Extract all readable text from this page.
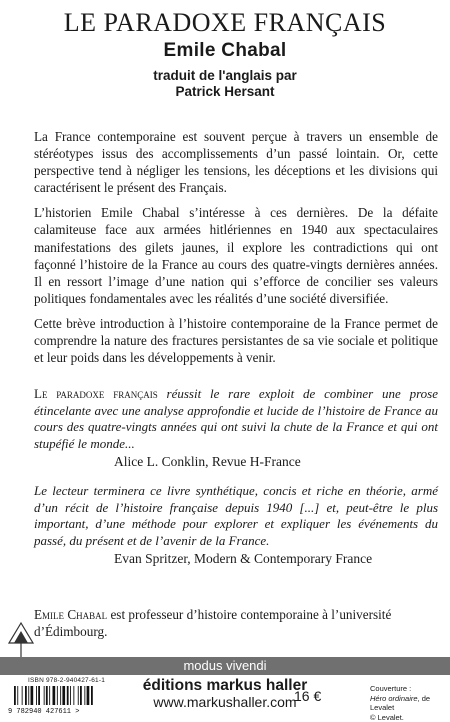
LE PARADOXE FRANÇAIS
Emile Chabal
traduit de l'anglais par
Patrick Hersant

La France contemporaine est souvent perçue à travers un ensemble de stéréotypes issus des accomplissements d’un passé lointain. Or, cette perspective tend à négliger les tensions, les déceptions et les divisions qui caractérisent le présent des Français.

L’historien Emile Chabal s’intéresse à ces dernières. De la défaite calamiteuse face aux armées hitlériennes en 1940 aux spectaculaires manifestations des gilets jaunes, il explore les contradictions qui ont façonné l’histoire de la France au cours des quatre-vingts dernières années. Il en ressort l’image d’une nation qui s’efforce de concilier ses valeurs politiques fondamentales avec les réalités d’une société diversifiée.

Cette brève introduction à l’histoire contemporaine de la France permet de comprendre la nature des fractures persistantes de sa vie sociale et politique et leur poids dans les développements à venir.

Le paradoxe français réussit le rare exploit de combiner une prose étincelante avec une analyse approfondie et lucide de l’histoire de France au cours des quatre-vingts années qui ont suivi la chute de la France et qui ont stupéfié le monde...

Alice L. Conklin, Revue H-France

Le lecteur terminera ce livre synthétique, concis et riche en théorie, armé d’un récit de l’histoire française depuis 1940 [...] et, peut-être le plus important, d’une méthode pour explorer et expliquer les événements du passé, du présent et de l’avenir de la France.

Evan Spritzer, Modern & Contemporary France
Emile Chabal est professeur d’histoire contemporaine à l’université d’Édimbourg.
modus vivendi
ISBN 978-2-940427-61-1
9 782940 427611 >
éditions markus haller
www.markushaller.com
16 €	Couverture :
Héro ordinaire, de Levalet
© Levalet.
